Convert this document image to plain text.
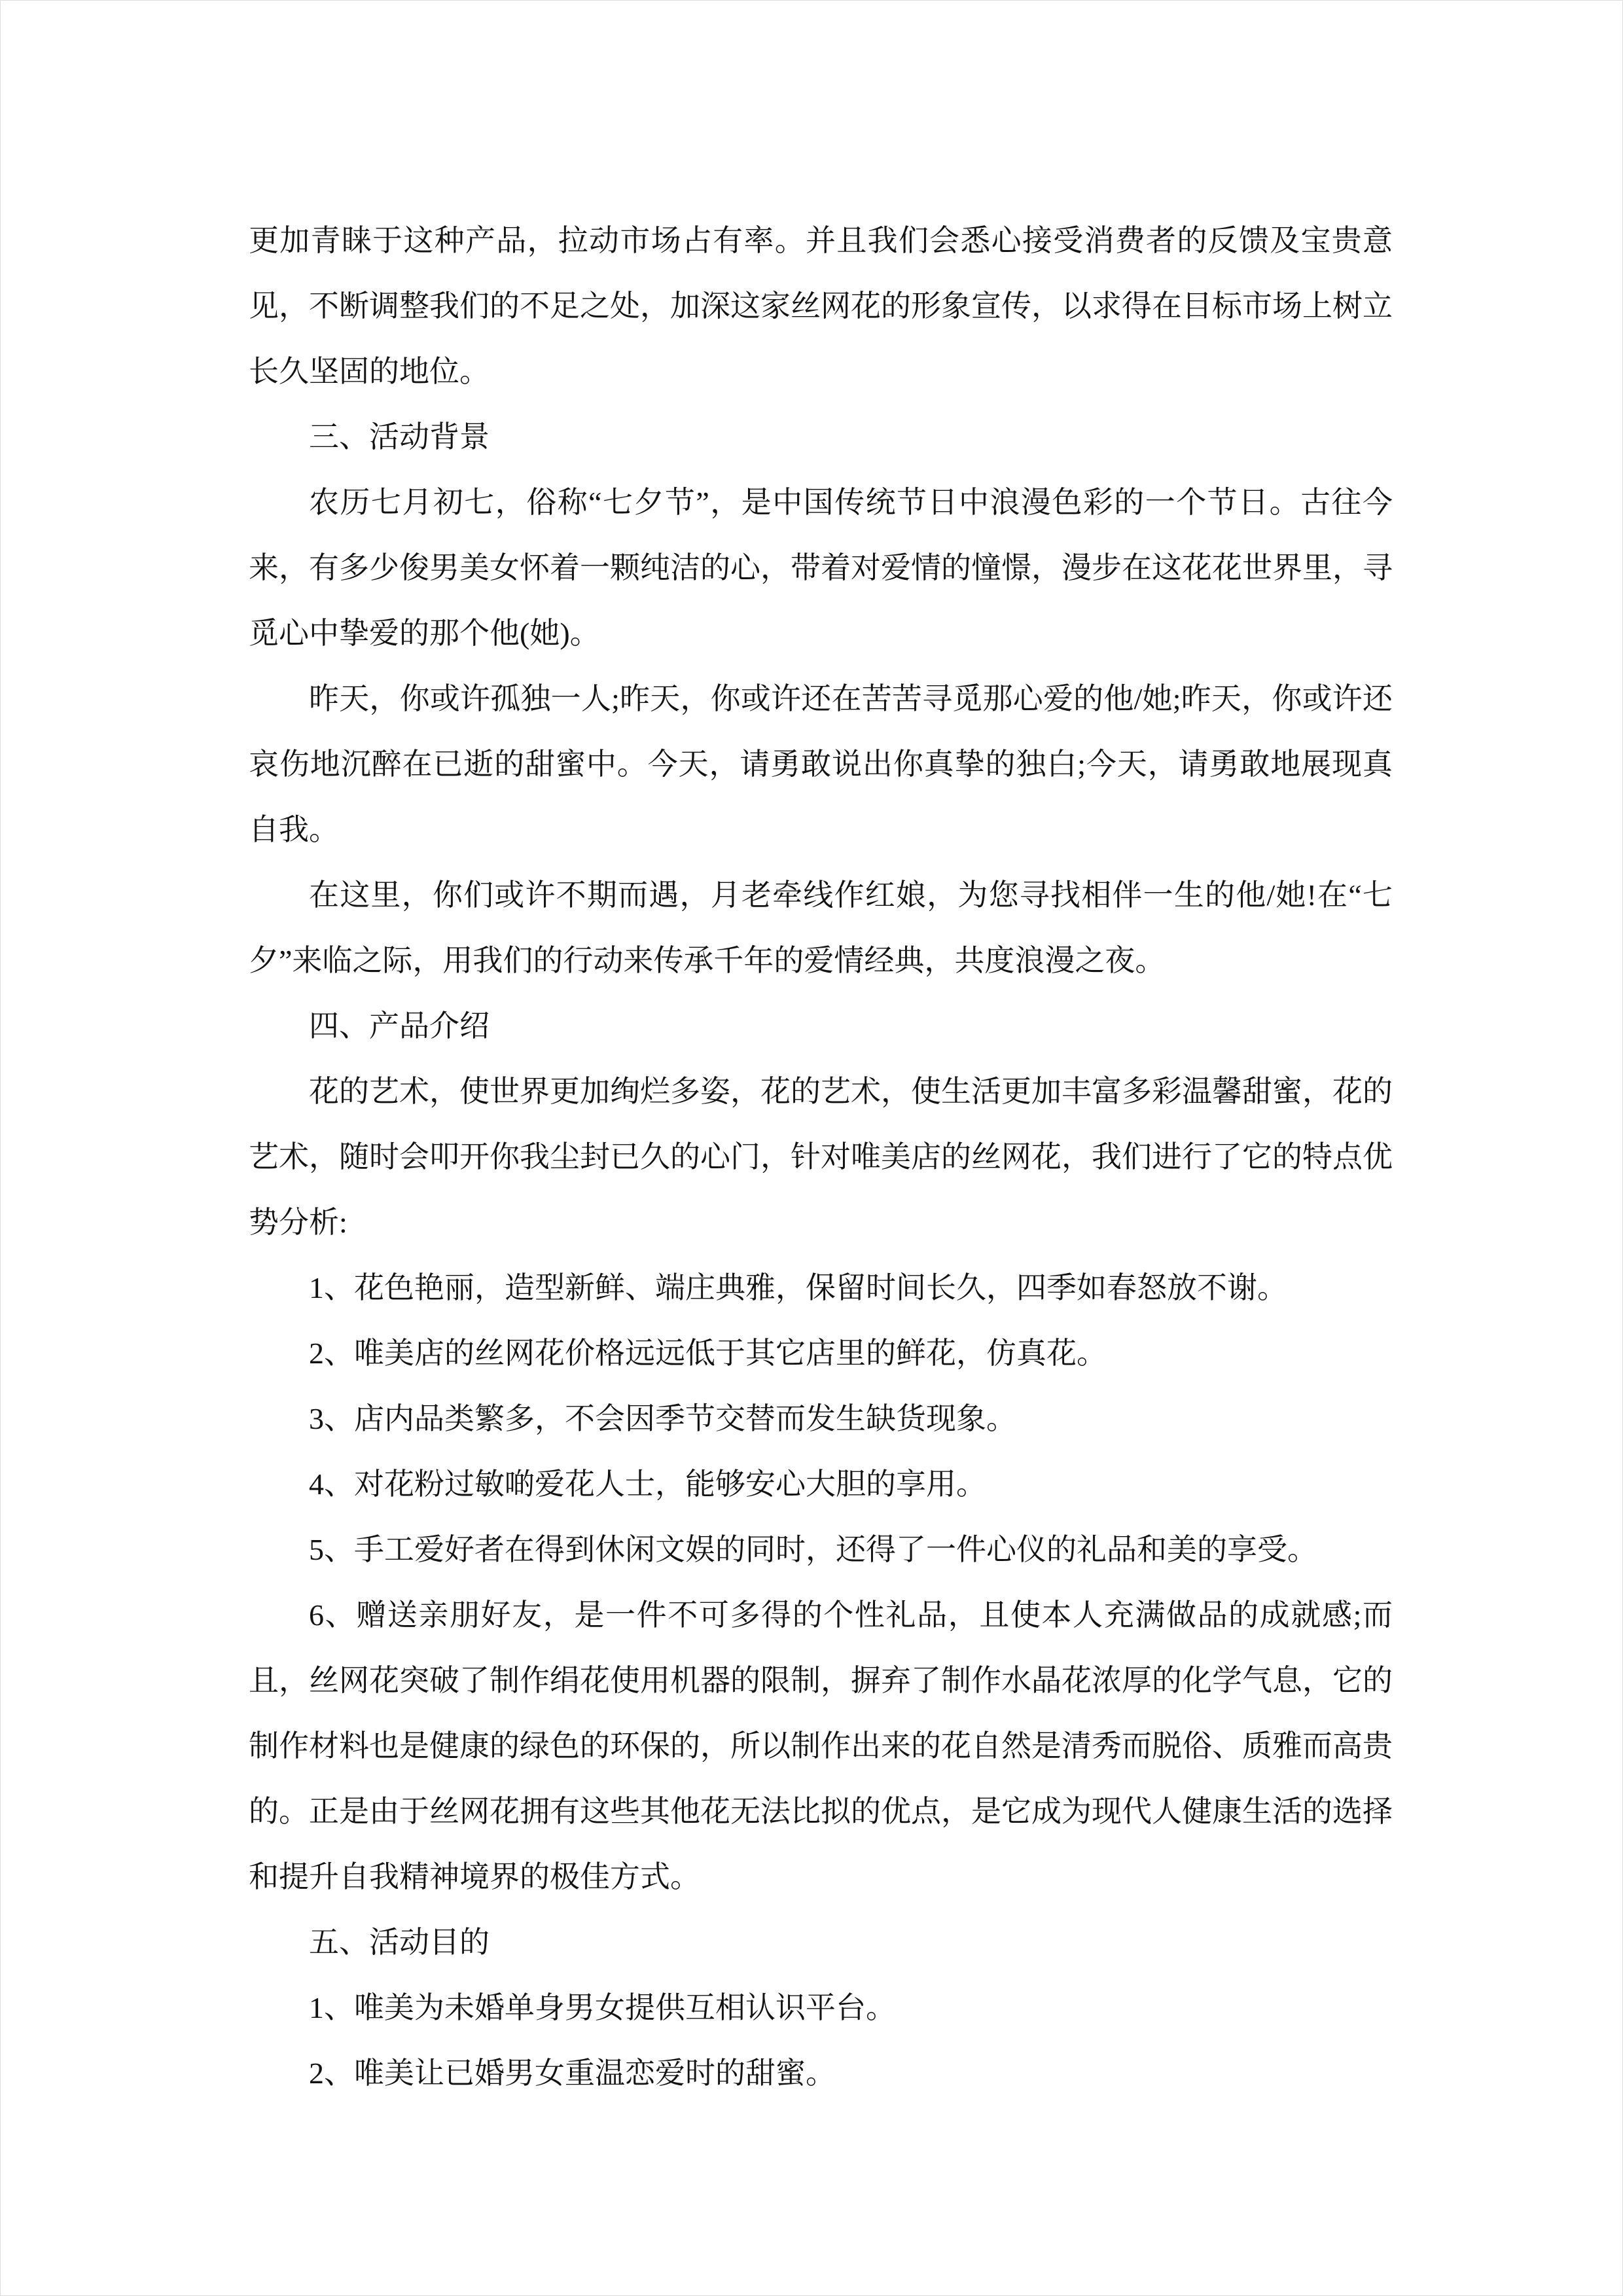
更加青睐于这种产品，拉动市场占有率。并且我们会悉心接受消费者的反馈及宝贵意见，不断调整我们的不足之处，加深这家丝网花的形象宣传，以求得在目标市场上树立长久坚固的地位。

三、活动背景

农历七月初七，俗称“七夕节”，是中国传统节日中浪漫色彩的一个节日。古往今来，有多少俊男美女怀着一颗纯洁的心，带着对爱情的憧憬，漫步在这花花世界里，寻觅心中挚爱的那个他(她)。

昨天，你或许孤独一人;昨天，你或许还在苦苦寻觅那心爱的他/她;昨天，你或许还哀伤地沉醉在已逝的甜蜜中。今天，请勇敢说出你真挚的独白;今天，请勇敢地展现真自我。

在这里，你们或许不期而遇，月老牵线作红娘，为您寻找相伴一生的他/她!在“七夕”来临之际，用我们的行动来传承千年的爱情经典，共度浪漫之夜。

四、产品介绍

花的艺术，使世界更加绚烂多姿，花的艺术，使生活更加丰富多彩温馨甜蜜，花的艺术，随时会叩开你我尘封已久的心门，针对唯美店的丝网花，我们进行了它的特点优势分析:

1、花色艳丽，造型新鲜、端庄典雅，保留时间长久，四季如春怒放不谢。

2、唯美店的丝网花价格远远低于其它店里的鲜花，仿真花。

3、店内品类繁多，不会因季节交替而发生缺货现象。

4、对花粉过敏啲爱花人士，能够安心大胆的享用。

5、手工爱好者在得到休闲文娱的同时，还得了一件心仪的礼品和美的享受。

6、赠送亲朋好友，是一件不可多得的个性礼品，且使本人充满做品的成就感;而且，丝网花突破了制作绢花使用机器的限制，摒弃了制作水晶花浓厚的化学气息，它的制作材料也是健康的绿色的环保的，所以制作出来的花自然是清秀而脱俗、质雅而高贵的。正是由于丝网花拥有这些其他花无法比拟的优点，是它成为现代人健康生活的选择和提升自我精神境界的极佳方式。

五、活动目的

1、唯美为未婚单身男女提供互相认识平台。

2、唯美让已婚男女重温恋爱时的甜蜜。
